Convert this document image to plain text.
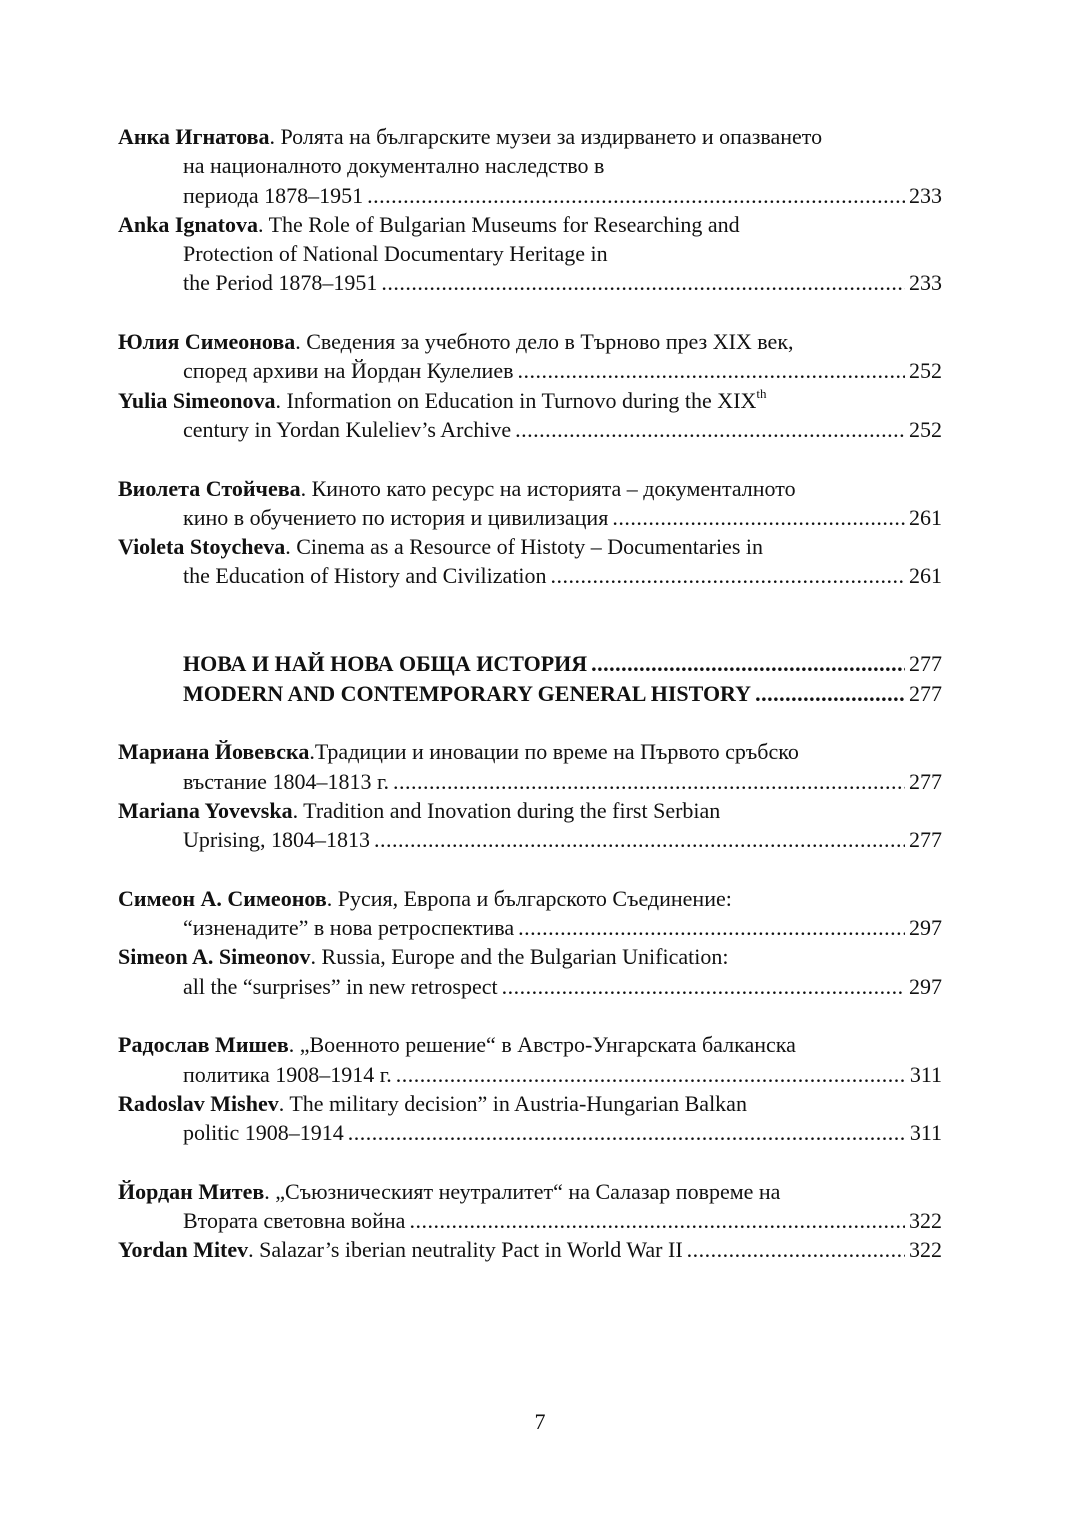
Анка Игнатова. Ролята на българските музеи за издирването и опазването
на националното документално наследство в
периода 1878–1951 .....	233
Anka Ignatova. The Role of Bulgarian Museums for Researching and
Protection of National Documentary Heritage in
the Period 1878–1951 .....	233
Юлия Симеонова. Сведения за учебното дело в Търново през XIX век,
според архиви на Йордан Кулелиев .....	252
Yulia Simeonova. Information on Education in Turnovo during the XIXth
century in Yordan Kuleliev’s Archive .....	252
Виолета Стойчева. Киното като ресурс на историята – документалното
кино в обучението по история и цивилизация .....	261
Violeta Stoycheva. Cinema as a Resource of Histoty – Documentaries in
the Education of History and Civilization .....	261
НОВА И НАЙ НОВА ОБЩА ИСТОРИЯ .....	277
MODERN AND CONTEMPORARY GENERAL HISTORY .....	277
Мариана Йовевска.Традиции и иновации по време на Първото сръбско
въстание 1804–1813 г. .....	277
Mariana Yovevska. Tradition and Inovation during the first Serbian
Uprising, 1804–1813 .....	277
Симеон А. Симеонов. Русия, Европа и българското Съединение:
“изненадите” в нова ретроспектива .....	297
Simeon A. Simeonov. Russia, Europe and the Bulgarian Unification:
all the “surprises” in new retrospect .....	297
Радослав Мишев. „Военното решение“ в Австро-Унгарската балканска
политика 1908–1914 г. .....	311
Radoslav Mishev. The military decision” in Austria-Hungarian Balkan
politic 1908–1914 .....	311
Йордан Митев. „Съюзническият неутралитет“ на Салазар повреме на
Втората световна война .....	322
Yordan Mitev. Salazar’s iberian neutrality Pact in World War II .....	322
7
